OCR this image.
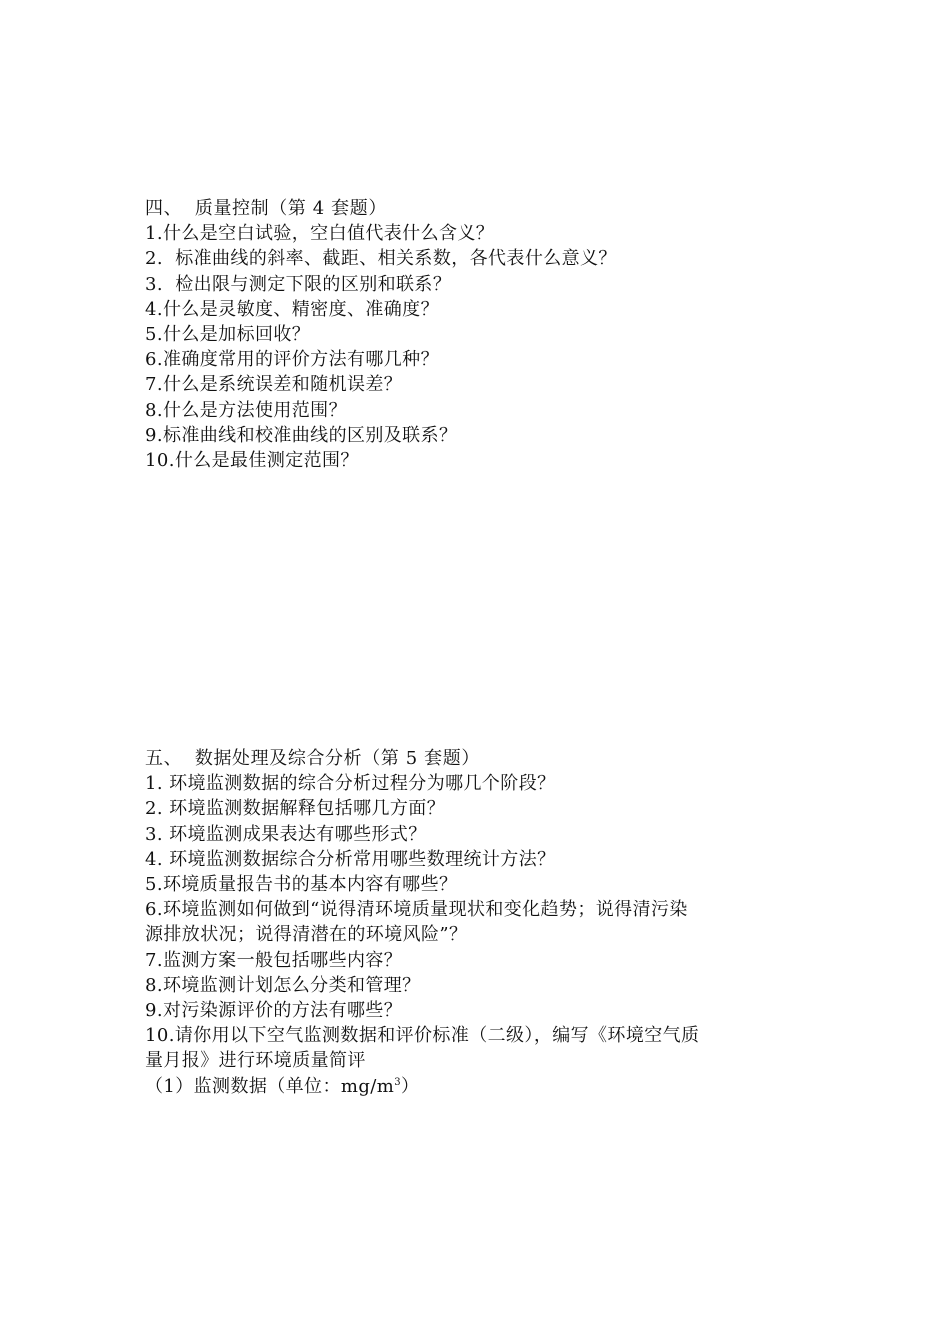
四、  质量控制（第 4 套题）

1.什么是空白试验，空白值代表什么含义？

2.  标准曲线的斜率、截距、相关系数，各代表什么意义？

3.  检出限与测定下限的区别和联系？

4.什么是灵敏度、精密度、准确度？

5.什么是加标回收？

6.准确度常用的评价方法有哪几种？

7.什么是系统误差和随机误差？

8.什么是方法使用范围？

9.标准曲线和校准曲线的区别及联系？

10.什么是最佳测定范围？

五、  数据处理及综合分析（第 5 套题）

1. 环境监测数据的综合分析过程分为哪几个阶段？

2. 环境监测数据解释包括哪几方面？

3. 环境监测成果表达有哪些形式？

4. 环境监测数据综合分析常用哪些数理统计方法？

5.环境质量报告书的基本内容有哪些？

6.环境监测如何做到“说得清环境质量现状和变化趋势；说得清污染

源排放状况；说得清潜在的环境风险”？

7.监测方案一般包括哪些内容？

8.环境监测计划怎么分类和管理？

9.对污染源评价的方法有哪些？

10.请你用以下空气监测数据和评价标准（二级），编写《环境空气质

量月报》进行环境质量简评

（1）监测数据（单位：$mg/m^3$）
